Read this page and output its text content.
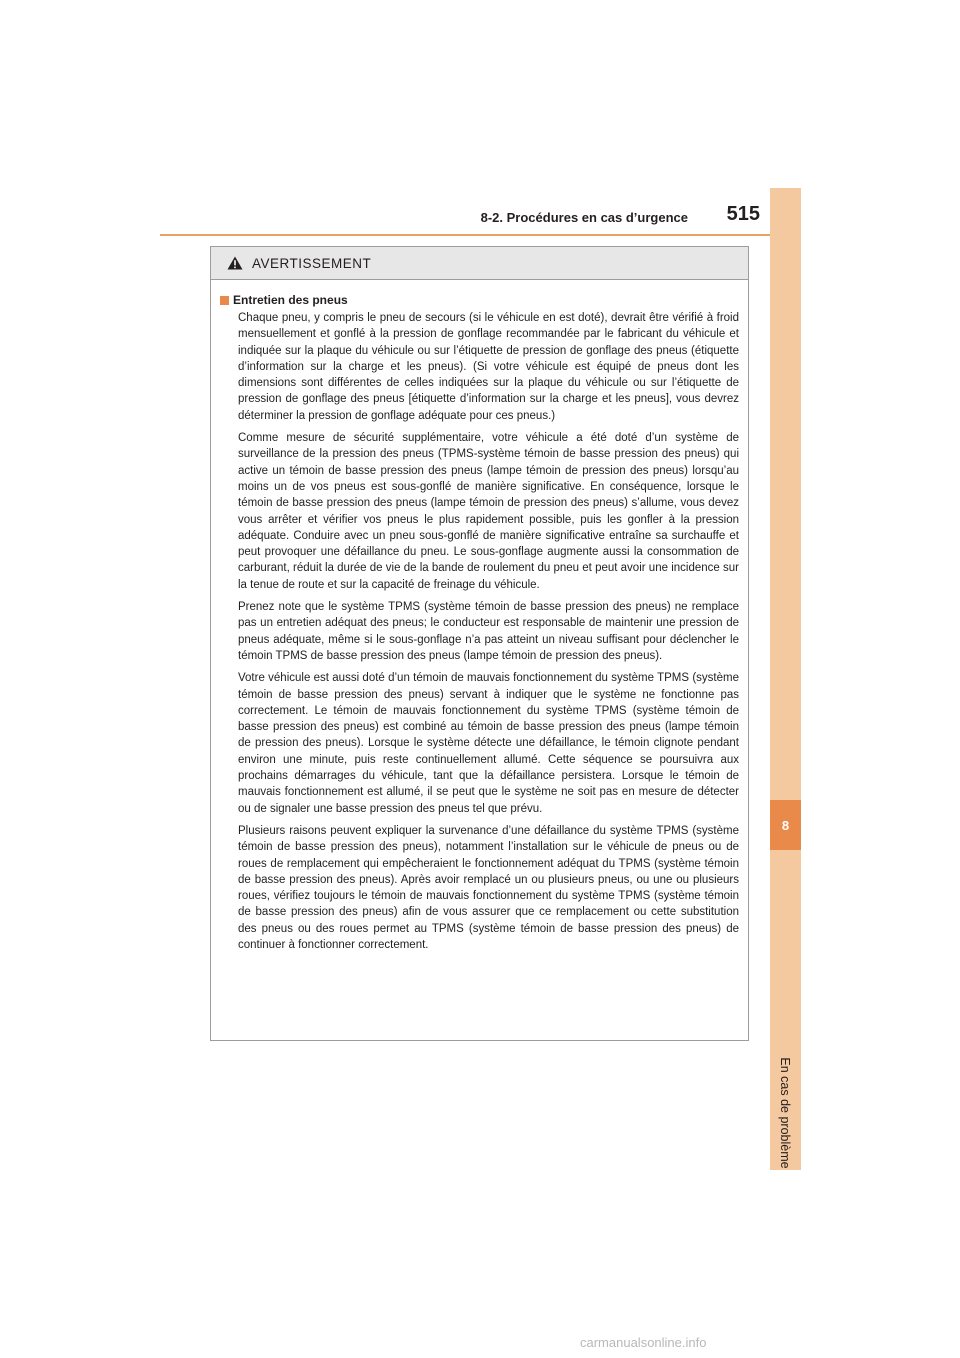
8-2. Procédures en cas d’urgence 515
8
En cas de problème
AVERTISSEMENT
Entretien des pneus

Chaque pneu, y compris le pneu de secours (si le véhicule en est doté), devrait être vérifié à froid mensuellement et gonflé à la pression de gonflage recommandée par le fabricant du véhicule et indiquée sur la plaque du véhicule ou sur l’étiquette de pression de gonflage des pneus (étiquette d’information sur la charge et les pneus). (Si votre véhicule est équipé de pneus dont les dimensions sont différentes de celles indiquées sur la plaque du véhicule ou sur l’étiquette de pression de gonflage des pneus [étiquette d’information sur la charge et les pneus], vous devrez déterminer la pression de gonflage adéquate pour ces pneus.)

Comme mesure de sécurité supplémentaire, votre véhicule a été doté d’un système de surveillance de la pression des pneus (TPMS-système témoin de basse pression des pneus) qui active un témoin de basse pression des pneus (lampe témoin de pression des pneus) lorsqu’au moins un de vos pneus est sous-gonflé de manière significative. En conséquence, lorsque le témoin de basse pression des pneus (lampe témoin de pression des pneus) s’allume, vous devez vous arrêter et vérifier vos pneus le plus rapidement possible, puis les gonfler à la pression adéquate. Conduire avec un pneu sous-gonflé de manière significative entraîne sa surchauffe et peut provoquer une défaillance du pneu. Le sous-gonflage augmente aussi la consommation de carburant, réduit la durée de vie de la bande de roulement du pneu et peut avoir une incidence sur la tenue de route et sur la capacité de freinage du véhicule.

Prenez note que le système TPMS (système témoin de basse pression des pneus) ne remplace pas un entretien adéquat des pneus; le conducteur est responsable de maintenir une pression de pneus adéquate, même si le sous-gonflage n’a pas atteint un niveau suffisant pour déclencher le témoin TPMS de basse pression des pneus (lampe témoin de pression des pneus).

Votre véhicule est aussi doté d’un témoin de mauvais fonctionnement du système TPMS (système témoin de basse pression des pneus) servant à indiquer que le système ne fonctionne pas correctement. Le témoin de mauvais fonctionnement du système TPMS (système témoin de basse pression des pneus) est combiné au témoin de basse pression des pneus (lampe témoin de pression des pneus). Lorsque le système détecte une défaillance, le témoin clignote pendant environ une minute, puis reste continuellement allumé. Cette séquence se poursuivra aux prochains démarrages du véhicule, tant que la défaillance persistera. Lorsque le témoin de mauvais fonctionnement est allumé, il se peut que le système ne soit pas en mesure de détecter ou de signaler une basse pression des pneus tel que prévu.

Plusieurs raisons peuvent expliquer la survenance d’une défaillance du système TPMS (système témoin de basse pression des pneus), notamment l’installation sur le véhicule de pneus ou de roues de remplacement qui empêcheraient le fonctionnement adéquat du TPMS (système témoin de basse pression des pneus). Après avoir remplacé un ou plusieurs pneus, ou une ou plusieurs roues, vérifiez toujours le témoin de mauvais fonctionnement du système TPMS (système témoin de basse pression des pneus) afin de vous assurer que ce remplacement ou cette substitution des pneus ou des roues permet au TPMS (système témoin de basse pression des pneus) de continuer à fonctionner correctement.

carmanualsonline.info
